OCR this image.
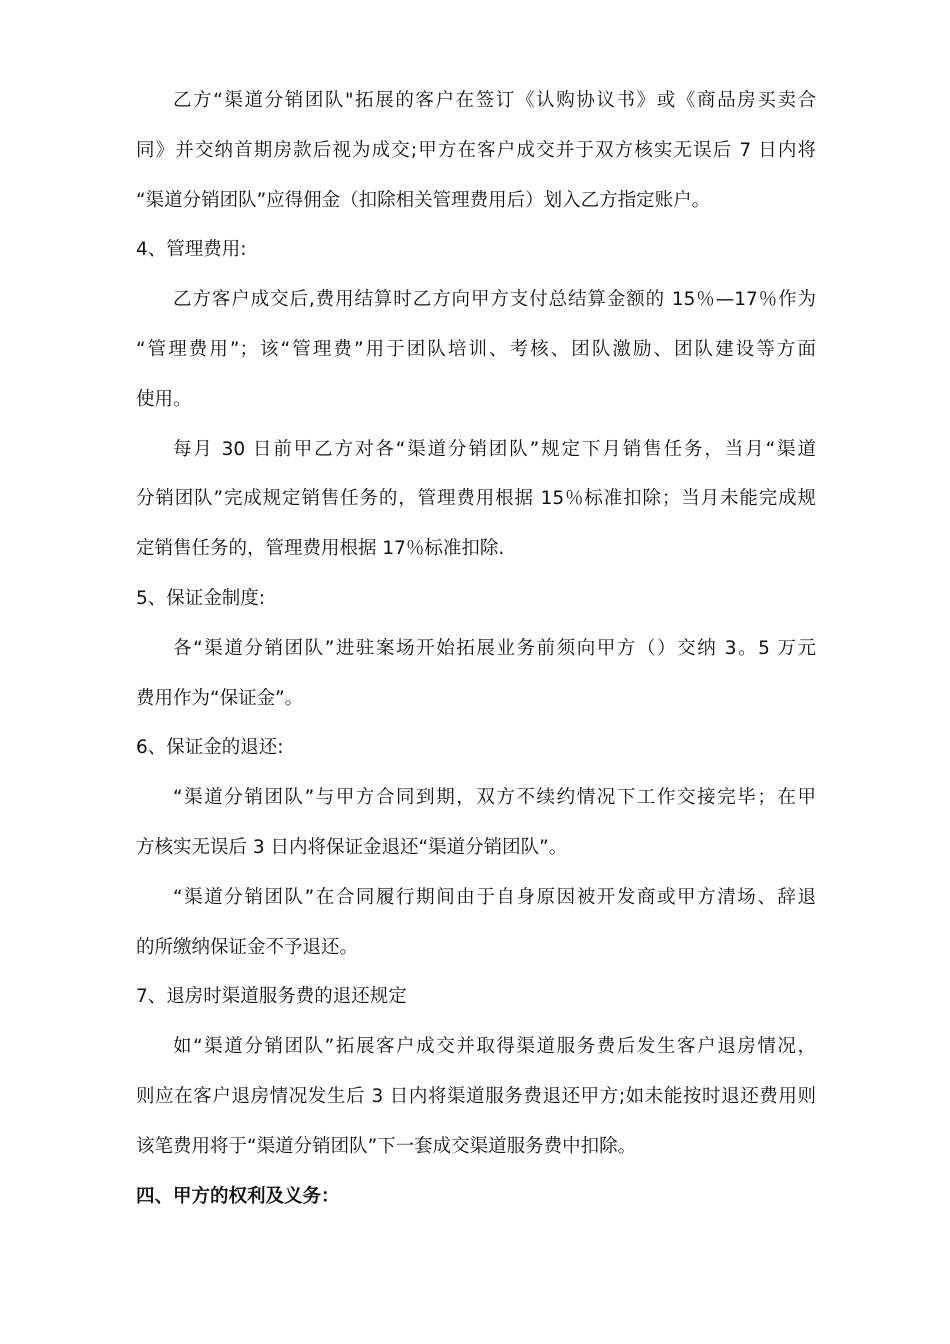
乙方“渠道分销团队"拓展的客户在签订《认购协议书》或《商品房买卖合
同》并交纳首期房款后视为成交;甲方在客户成交并于双方核实无误后 7 日内将
“渠道分销团队”应得佣金（扣除相关管理费用后）划入乙方指定账户。
4、管理费用:
乙方客户成交后,费用结算时乙方向甲方支付总结算金额的 15％—17％作为
“管理费用”；该“管理费”用于团队培训、考核、团队激励、团队建设等方面
使用。
每月 30 日前甲乙方对各“渠道分销团队”规定下月销售任务，当月“渠道
分销团队”完成规定销售任务的，管理费用根据 15％标准扣除；当月未能完成规
定销售任务的，管理费用根据 17％标准扣除.
5、保证金制度:
各“渠道分销团队”进驻案场开始拓展业务前须向甲方（）交纳 3。5 万元
费用作为“保证金”。
6、保证金的退还:
“渠道分销团队”与甲方合同到期，双方不续约情况下工作交接完毕；在甲
方核实无误后 3 日内将保证金退还“渠道分销团队”。
“渠道分销团队”在合同履行期间由于自身原因被开发商或甲方清场、辞退
的所缴纳保证金不予退还。
7、退房时渠道服务费的退还规定
如“渠道分销团队”拓展客户成交并取得渠道服务费后发生客户退房情况，
则应在客户退房情况发生后 3 日内将渠道服务费退还甲方;如未能按时退还费用则
该笔费用将于“渠道分销团队”下一套成交渠道服务费中扣除。
四、甲方的权利及义务：
